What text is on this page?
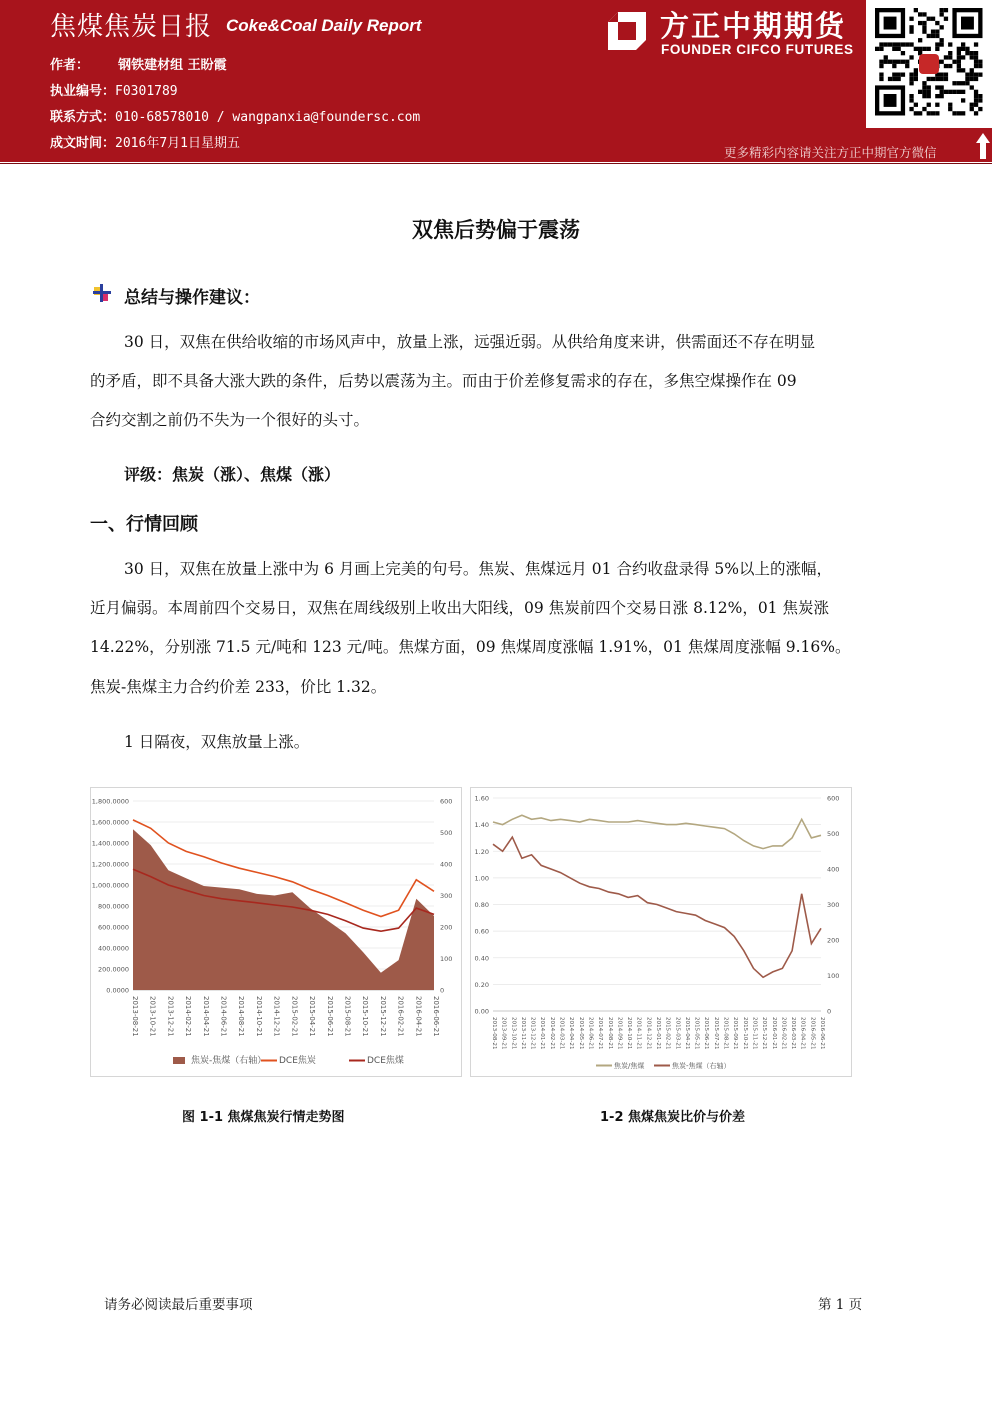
焦煤焦炭日报 Coke&Coal Daily Report
作者： 钢铁建材组 王盼霞
执业编号：F0301789
联系方式：010-68578010 / wangpanxia@foundersc.com
成文时间：2016年7月1日星期五
方正中期期货
FOUNDER CIFCO FUTURES
更多精彩内容请关注方正中期官方微信
双焦后势偏于震荡
总结与操作建议：
30 日，双焦在供给收缩的市场风声中，放量上涨，远强近弱。从供给角度来讲，供需面还不存在明显
的矛盾，即不具备大涨大跌的条件，后势以震荡为主。而由于价差修复需求的存在，多焦空煤操作在 09
合约交割之前仍不失为一个很好的头寸。
评级：焦炭（涨）、焦煤（涨）
一、行情回顾
30 日，双焦在放量上涨中为 6 月画上完美的句号。焦炭、焦煤远月 01 合约收盘录得 5%以上的涨幅，
近月偏弱。本周前四个交易日，双焦在周线级别上收出大阳线，09 焦炭前四个交易日涨 8.12%，01 焦炭涨
14.22%，分别涨 71.5 元/吨和 123 元/吨。焦煤方面，09 焦煤周度涨幅 1.91%，01 焦煤周度涨幅 9.16%。
焦炭-焦煤主力合约价差 233，价比 1.32。
1 日隔夜，双焦放量上涨。
1,800.0000
1,600.0000
1,400.0000
1,200.0000
1,000.0000
800.0000
600.0000
400.0000
200.0000
0.0000
600
500
400
300
200
100
0
2013-08-21 2013-10-21 2013-12-21 2014-02-21 2014-04-21 2014-06-21 2014-08-21 2014-10-21 2014-12-21 2015-02-21 2015-04-21 2015-06-21 2015-08-21 2015-10-21 2015-12-21 2016-02-21 2016-04-21 2016-06-21
焦炭-焦煤（右轴） DCE焦炭	DCE焦煤
1.60
1.40
1.20
1.00
0.80
0.60
0.40
0.20
0.00
600
500
400
300
200
100
0
2013-08-21 2013-09-21 2013-10-21 2013-11-21 2013-12-21 2014-01-21 2014-02-21 2014-03-21 2014-04-21 2014-05-21 2014-06-21 2014-07-21 2014-08-21 2014-09-21 2014-10-21 2014-11-21 2014-12-21 2015-01-21 2015-02-21 2015-03-21 2015-04-21 2015-05-21 2015-06-21 2015-07-21 2015-08-21 2015-09-21 2015-10-21 2015-11-21 2015-12-21 2016-01-21 2016-02-21 2016-03-21 2016-04-21 2016-05-21 2016-06-21
焦炭/焦煤	焦炭-焦煤（右轴）
图 1-1 焦煤焦炭行情走势图	1-2 焦煤焦炭比价与价差
请务必阅读最后重要事项	第 1 页
